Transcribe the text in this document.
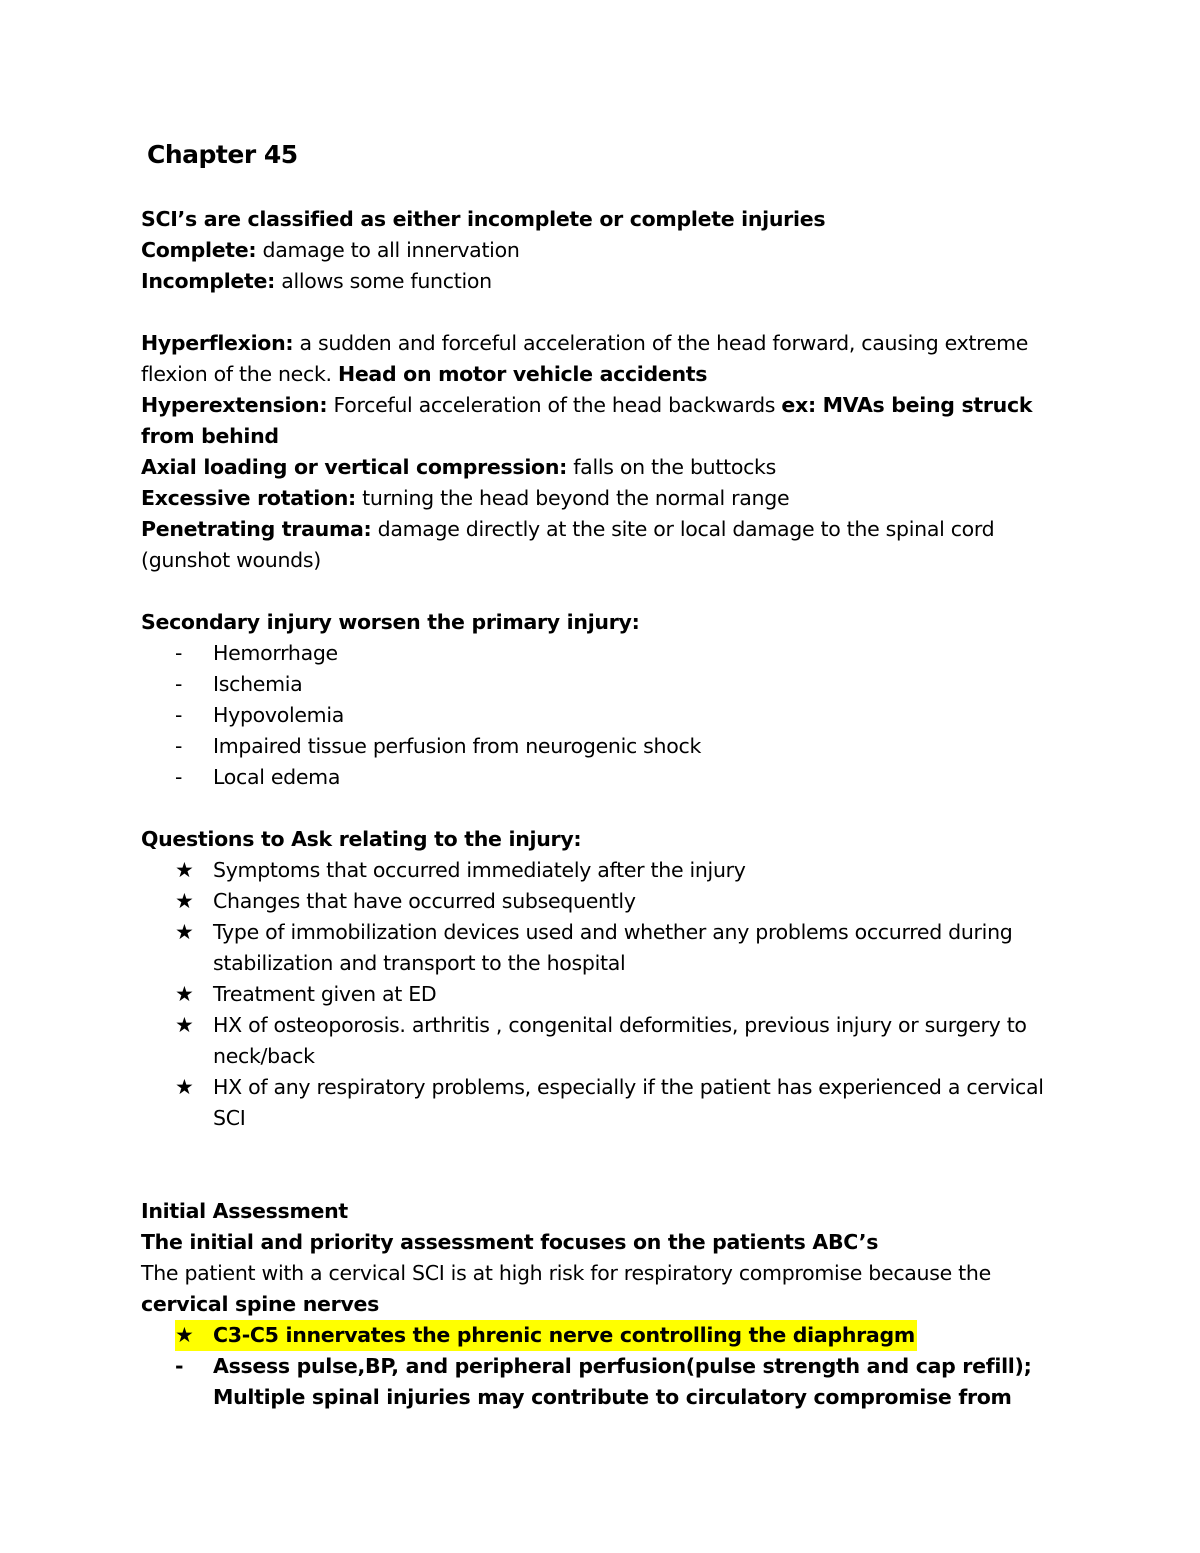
Chapter 45

SCI’s are classified as either incomplete or complete injuries

Complete: damage to all innervation

Incomplete: allows some function

Hyperflexion: a sudden and forceful acceleration of the head forward, causing extreme flexion of the neck. Head on motor vehicle accidents

Hyperextension: Forceful acceleration of the head backwards ex: MVAs being struck from behind

Axial loading or vertical compression: falls on the buttocks

Excessive rotation: turning the head beyond the normal range

Penetrating trauma: damage directly at the site or local damage to the spinal cord (gunshot wounds)

Secondary injury worsen the primary injury:

- Hemorrhage
- Ischemia
- Hypovolemia
- Impaired tissue perfusion from neurogenic shock
- Local edema

Questions to Ask relating to the injury:

★ Symptoms that occurred immediately after the injury
★ Changes that have occurred subsequently
★ Type of immobilization devices used and whether any problems occurred during stabilization and transport to the hospital
★ Treatment given at ED
★ HX of osteoporosis. arthritis , congenital deformities, previous injury or surgery to neck/back
★ HX of any respiratory problems, especially if the patient has experienced a cervical SCI

Initial Assessment

The initial and priority assessment focuses on the patients ABC’s

The patient with a cervical SCI is at high risk for respiratory compromise because the cervical spine nerves

★ C3-C5 innervates the phrenic nerve controlling the diaphragm
- Assess pulse,BP, and peripheral perfusion(pulse strength and cap refill); Multiple spinal injuries may contribute to circulatory compromise from
